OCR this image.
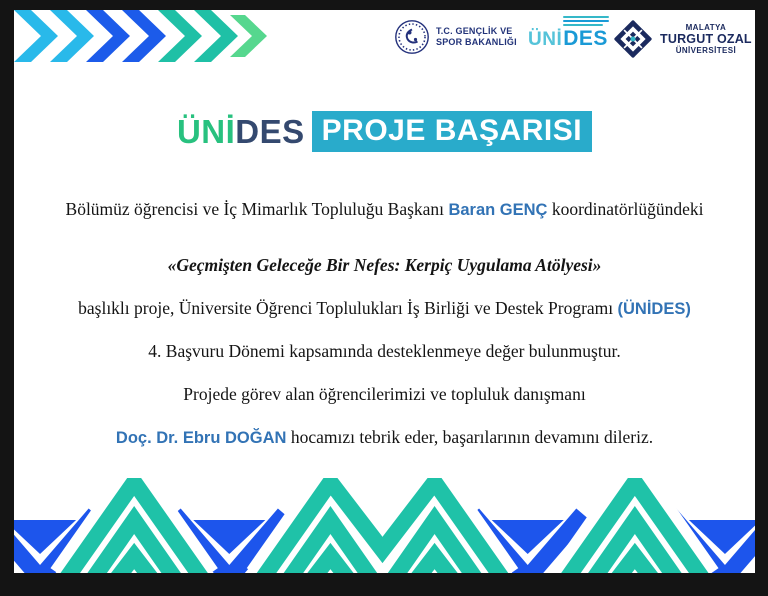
T.C. GENÇLİK VE
SPOR BAKANLIĞI ÜNİ DES	MALATYA
TURGUT OZAL
ÜNİVERSİTESİ
ÜNİDES PROJE BAŞARISI
Bölümüz öğrencisi ve İç Mimarlık Topluluğu Başkanı Baran GENÇ koordinatörlüğündeki
«Geçmişten Geleceğe Bir Nefes: Kerpiç Uygulama Atölyesi»
başlıklı proje, Üniversite Öğrenci Toplulukları İş Birliği ve Destek Programı (ÜNİDES)
4. Başvuru Dönemi kapsamında desteklenmeye değer bulunmuştur.
Projede görev alan öğrencilerimizi ve topluluk danışmanı
Doç. Dr. Ebru DOĞAN hocamızı tebrik eder, başarılarının devamını dileriz.
